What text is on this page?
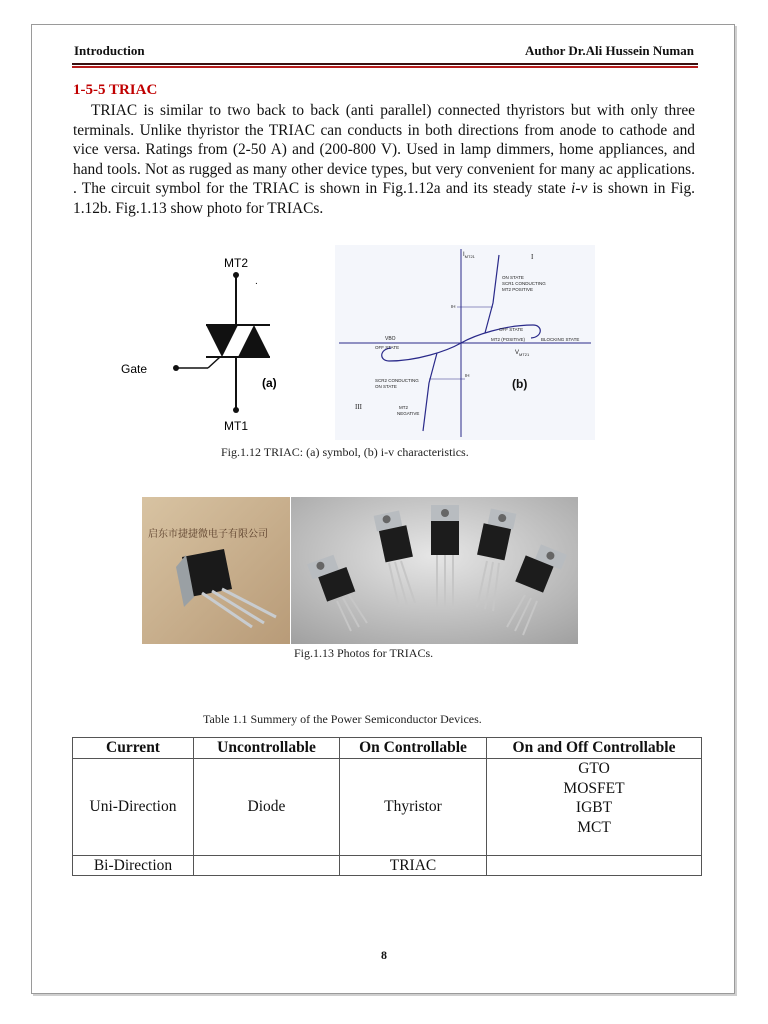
Introduction	Author Dr.Ali Hussein Numan
1-5-5 TRIAC
TRIAC is similar to two back to back (anti parallel) connected thyristors but with only three terminals. Unlike thyristor the TRIAC can conducts in both directions from anode to cathode and vice versa. Ratings from (2-50 A) and (200-800 V). Used in lamp dimmers, home appliances, and hand tools. Not as rugged as many other device types, but very convenient for many ac applications. . The circuit symbol for the TRIAC is shown in Fig.1.12a and its steady state i-v is shown in Fig. 1.12b. Fig.1.13 show photo for TRIACs.
MT2
.
Gate
MT1
(a)
$I_{MT21}$
$V_{MT21}$
I
III
ON STATE
SCR1 CONDUCTING
MT2 POSITIVE
IH
IH
OFF STATE
MT2 (POSITIVE)	BLOCKING STATE
VBO
OFF STATE
SCR2 CONDUCTING
ON STATE
MT2
NEGATIVE
(b)
Fig.1.12 TRIAC: (a) symbol, (b) i-v characteristics.
启东市捷捷微电子有限公司
Fig.1.13 Photos for TRIACs.
Table 1.1 Summery of the Power Semiconductor Devices.
Current	Uncontrollable	On Controllable	On and Off Controllable
Uni-Direction	Diode	Thyristor	GTO
MOSFET
IGBT
MCT

Bi-Direction		TRIAC	
8
